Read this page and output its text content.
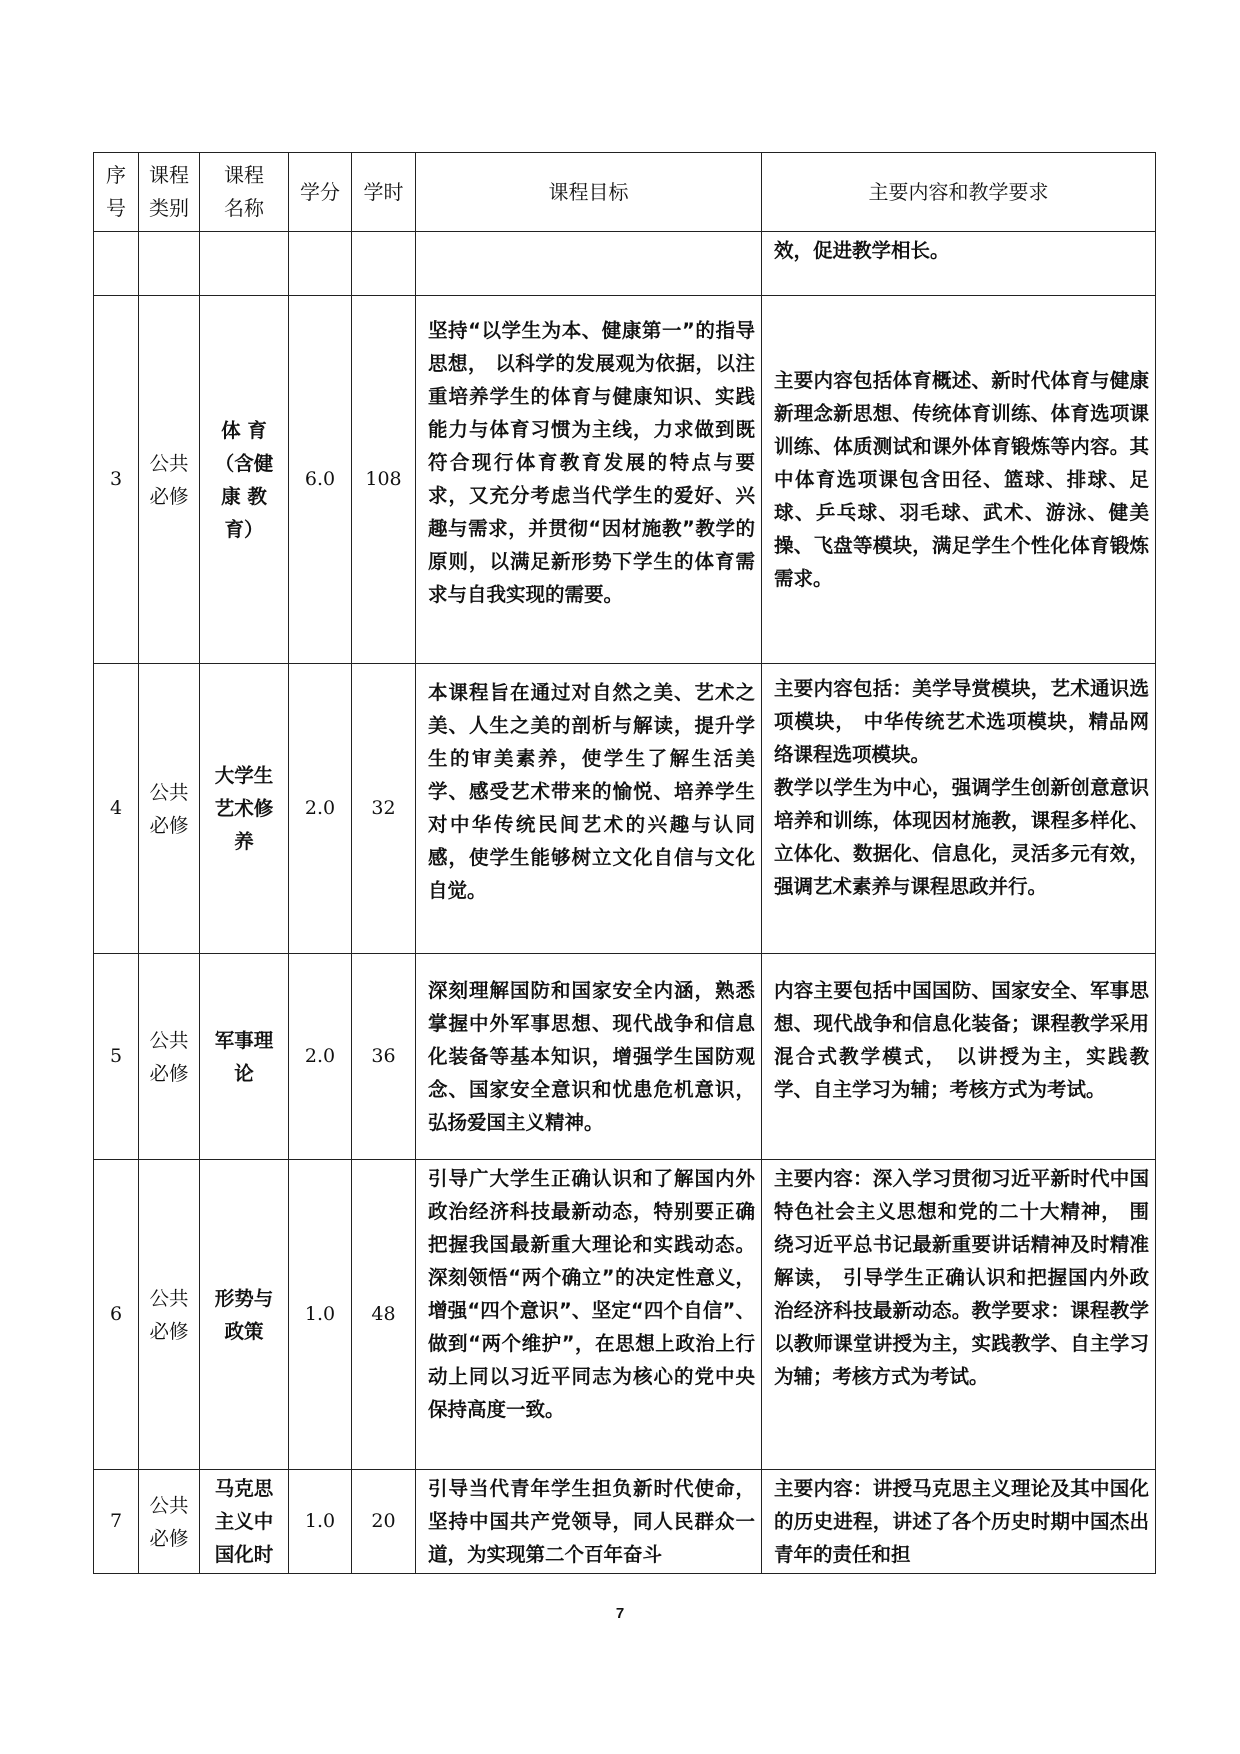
序号	课程类别	课程名称	学分	学时	课程目标	主要内容和教学要求

						效，促进教学相长。

3	公共必修	体 育（含健康 教育）	6.0	108	坚持“以学生为本、健康第一”的指导思想， 以科学的发展观为依据，以注重培养学生的体育与健康知识、实践能力与体育习惯为主线，力求做到既符合现行体育教育发展的特点与要求，又充分考虑当代学生的爱好、兴趣与需求，并贯彻“因材施教”教学的原则，以满足新形势下学生的体育需求与自我实现的需要。	主要内容包括体育概述、新时代体育与健康新理念新思想、传统体育训练、体育选项课训练、体质测试和课外体育锻炼等内容。其中体育选项课包含田径、篮球、排球、足球、乒乓球、羽毛球、武术、游泳、健美操、飞盘等模块，满足学生个性化体育锻炼需求。

4	公共必修	大学生艺术修养	2.0	32	本课程旨在通过对自然之美、艺术之美、人生之美的剖析与解读，提升学生的审美素养，使学生了解生活美学、感受艺术带来的愉悦、培养学生对中华传统民间艺术的兴趣与认同感，使学生能够树立文化自信与文化自觉。	主要内容包括：美学导赏模块，艺术通识选项模块， 中华传统艺术选项模块，精品网络课程选项模块。

教学以学生为中心，强调学生创新创意意识培养和训练，体现因材施教，课程多样化、立体化、数据化、信息化，灵活多元有效，强调艺术素养与课程思政并行。

5	公共必修	军事理论	2.0	36	深刻理解国防和国家安全内涵，熟悉掌握中外军事思想、现代战争和信息化装备等基本知识，增强学生国防观念、国家安全意识和忧患危机意识，弘扬爱国主义精神。	内容主要包括中国国防、国家安全、军事思想、现代战争和信息化装备；课程教学采用混合式教学模式， 以讲授为主，实践教学、自主学习为辅；考核方式为考试。

6	公共必修	形势与政策	1.0	48	引导广大学生正确认识和了解国内外政治经济科技最新动态，特别要正确把握我国最新重大理论和实践动态。深刻领悟“两个确立”的决定性意义，增强“四个意识”、坚定“四个自信”、做到“两个维护”，在思想上政治上行动上同以习近平同志为核心的党中央保持高度一致。	主要内容：深入学习贯彻习近平新时代中国特色社会主义思想和党的二十大精神， 围绕习近平总书记最新重要讲话精神及时精准解读， 引导学生正确认识和把握国内外政治经济科技最新动态。教学要求：课程教学以教师课堂讲授为主，实践教学、自主学习为辅；考核方式为考试。

7	公共必修	马克思主义中国化时	1.0	20	引导当代青年学生担负新时代使命，坚持中国共产党领导，同人民群众一道，为实现第二个百年奋斗	主要内容：讲授马克思主义理论及其中国化的历史进程，讲述了各个历史时期中国杰出青年的责任和担

7
